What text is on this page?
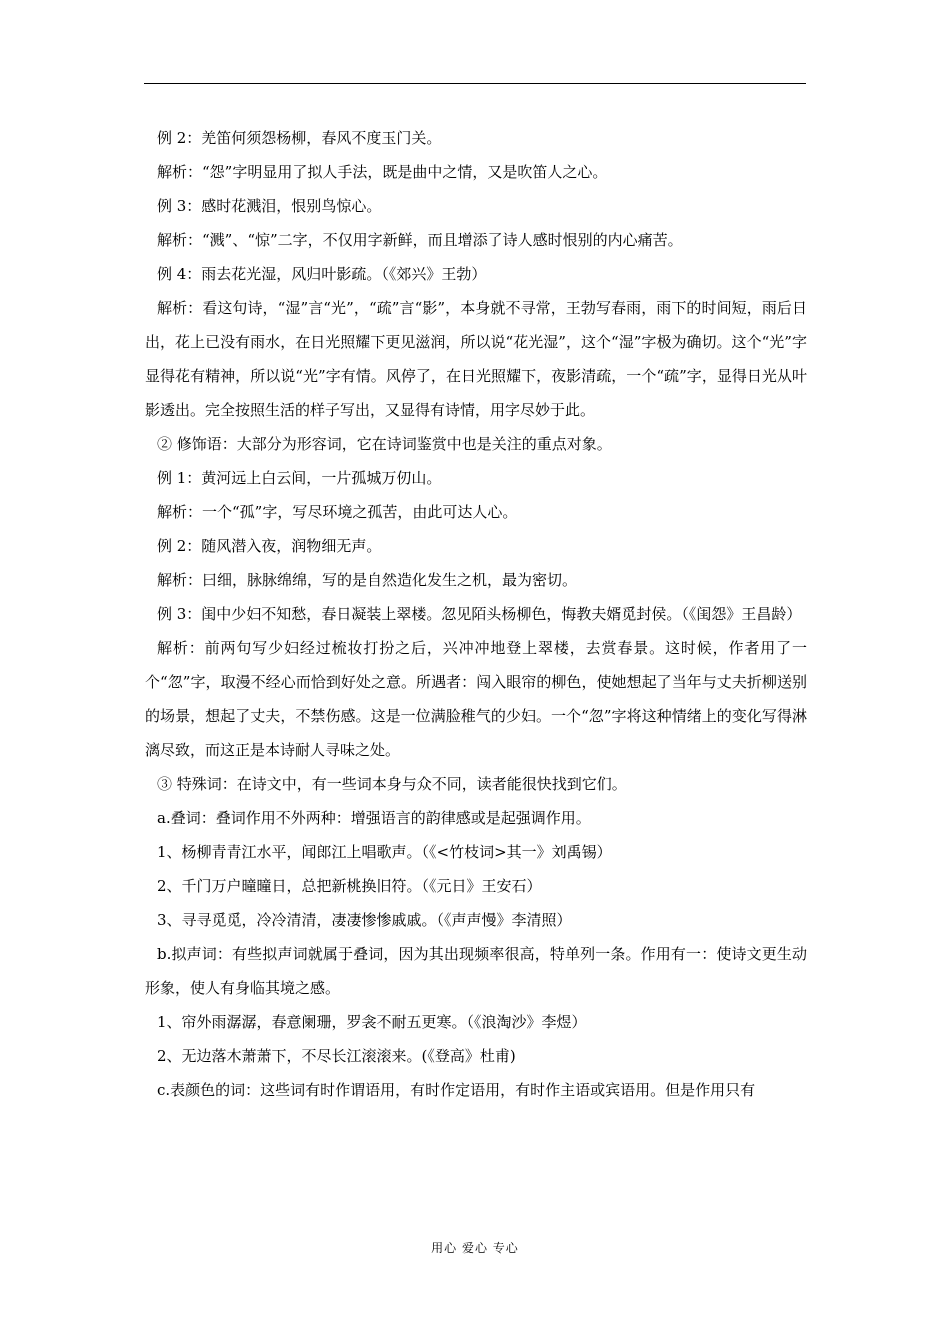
例 2：羌笛何须怨杨柳，春风不度玉门关。

解析：“怨”字明显用了拟人手法，既是曲中之情，又是吹笛人之心。

例 3：感时花溅泪，恨别鸟惊心。

解析：“溅”、“惊”二字，不仅用字新鲜，而且增添了诗人感时恨别的内心痛苦。

例 4：雨去花光湿，风归叶影疏。（《郊兴》王勃）

解析：看这句诗，“湿”言“光”，“疏”言“影”，本身就不寻常，王勃写春雨，雨下的时间短，雨后日出，花上已没有雨水，在日光照耀下更见滋润，所以说“花光湿”，这个“湿”字极为确切。这个“光”字显得花有精神，所以说“光”字有情。风停了，在日光照耀下，夜影清疏，一个“疏”字，显得日光从叶影透出。完全按照生活的样子写出，又显得有诗情，用字尽妙于此。

② 修饰语：大部分为形容词，它在诗词鉴赏中也是关注的重点对象。

例 1：黄河远上白云间，一片孤城万仞山。

解析：一个“孤”字，写尽环境之孤苦，由此可达人心。

例 2：随风潜入夜，润物细无声。

解析：曰细，脉脉绵绵，写的是自然造化发生之机，最为密切。

例 3：闺中少妇不知愁，春日凝装上翠楼。忽见陌头杨柳色，悔教夫婿觅封侯。（《闺怨》王昌龄）

解析：前两句写少妇经过梳妆打扮之后，兴冲冲地登上翠楼，去赏春景。这时候，作者用了一个“忽”字，取漫不经心而恰到好处之意。所遇者：闯入眼帘的柳色，使她想起了当年与丈夫折柳送别的场景，想起了丈夫，不禁伤感。这是一位满脸稚气的少妇。一个“忽”字将这种情绪上的变化写得淋漓尽致，而这正是本诗耐人寻味之处。

③ 特殊词：在诗文中，有一些词本身与众不同，读者能很快找到它们。

a.叠词：叠词作用不外两种：增强语言的韵律感或是起强调作用。

1、杨柳青青江水平，闻郎江上唱歌声。（《<竹枝词>其一》刘禹锡）

2、千门万户曈曈日，总把新桃换旧符。（《元日》王安石）

3、寻寻觅觅，冷冷清清，凄凄惨惨戚戚。（《声声慢》李清照）

b.拟声词：有些拟声词就属于叠词，因为其出现频率很高，特单列一条。作用有一：使诗文更生动形象，使人有身临其境之感。

1、帘外雨潺潺，春意阑珊，罗衾不耐五更寒。（《浪淘沙》李煜）

2、无边落木萧萧下，不尽长江滚滚来。(《登高》杜甫)

c.表颜色的词：这些词有时作谓语用，有时作定语用，有时作主语或宾语用。但是作用只有

用心 爱心 专心
